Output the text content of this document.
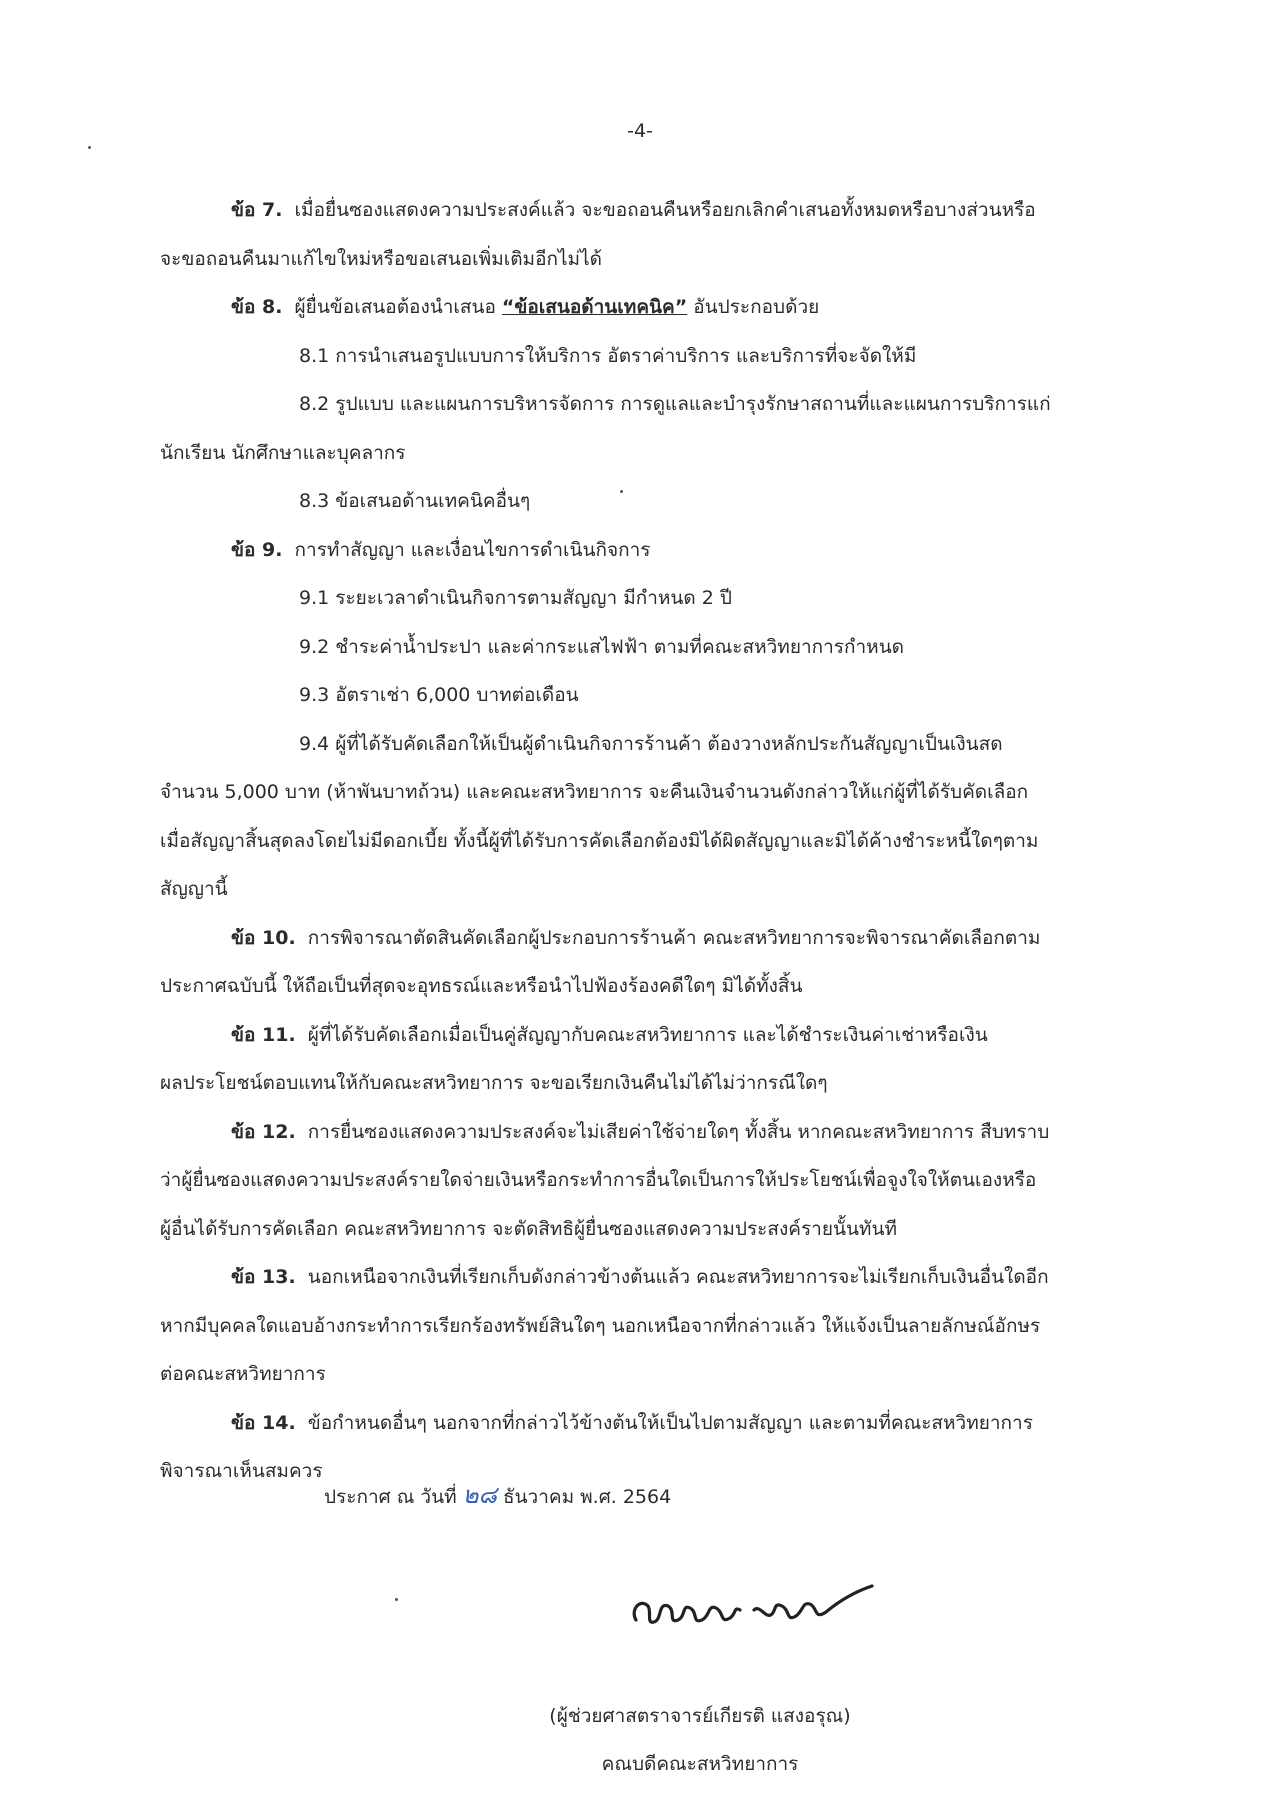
-4-

ข้อ 7. เมื่อยื่นซองแสดงความประสงค์แล้ว จะขอถอนคืนหรือยกเลิกคำเสนอทั้งหมดหรือบางส่วนหรือ

จะขอถอนคืนมาแก้ไขใหม่หรือขอเสนอเพิ่มเติมอีกไม่ได้

ข้อ 8. ผู้ยื่นข้อเสนอต้องนำเสนอ “ข้อเสนอด้านเทคนิค” อันประกอบด้วย

8.1 การนำเสนอรูปแบบการให้บริการ อัตราค่าบริการ และบริการที่จะจัดให้มี

8.2 รูปแบบ และแผนการบริหารจัดการ การดูแลและบำรุงรักษาสถานที่และแผนการบริการแก่

นักเรียน นักศึกษาและบุคลากร

8.3 ข้อเสนอด้านเทคนิคอื่นๆ

ข้อ 9. การทำสัญญา และเงื่อนไขการดำเนินกิจการ

9.1 ระยะเวลาดำเนินกิจการตามสัญญา มีกำหนด 2 ปี

9.2 ชำระค่าน้ำประปา และค่ากระแสไฟฟ้า ตามที่คณะสหวิทยาการกำหนด

9.3 อัตราเช่า 6,000 บาทต่อเดือน

9.4 ผู้ที่ได้รับคัดเลือกให้เป็นผู้ดำเนินกิจการร้านค้า ต้องวางหลักประกันสัญญาเป็นเงินสด

จำนวน 5,000 บาท (ห้าพันบาทถ้วน) และคณะสหวิทยาการ จะคืนเงินจำนวนดังกล่าวให้แก่ผู้ที่ได้รับคัดเลือก

เมื่อสัญญาสิ้นสุดลงโดยไม่มีดอกเบี้ย ทั้งนี้ผู้ที่ได้รับการคัดเลือกต้องมิได้ผิดสัญญาและมิได้ค้างชำระหนี้ใดๆตาม

สัญญานี้

ข้อ 10. การพิจารณาตัดสินคัดเลือกผู้ประกอบการร้านค้า คณะสหวิทยาการจะพิจารณาคัดเลือกตาม

ประกาศฉบับนี้ ให้ถือเป็นที่สุดจะอุทธรณ์และหรือนำไปฟ้องร้องคดีใดๆ มิได้ทั้งสิ้น

ข้อ 11. ผู้ที่ได้รับคัดเลือกเมื่อเป็นคู่สัญญากับคณะสหวิทยาการ และได้ชำระเงินค่าเช่าหรือเงิน

ผลประโยชน์ตอบแทนให้กับคณะสหวิทยาการ จะขอเรียกเงินคืนไม่ได้ไม่ว่ากรณีใดๆ

ข้อ 12. การยื่นซองแสดงความประสงค์จะไม่เสียค่าใช้จ่ายใดๆ ทั้งสิ้น หากคณะสหวิทยาการ สืบทราบ

ว่าผู้ยื่นซองแสดงความประสงค์รายใดจ่ายเงินหรือกระทำการอื่นใดเป็นการให้ประโยชน์เพื่อจูงใจให้ตนเองหรือ

ผู้อื่นได้รับการคัดเลือก คณะสหวิทยาการ จะตัดสิทธิผู้ยื่นซองแสดงความประสงค์รายนั้นทันที

ข้อ 13. นอกเหนือจากเงินที่เรียกเก็บดังกล่าวข้างต้นแล้ว คณะสหวิทยาการจะไม่เรียกเก็บเงินอื่นใดอีก

หากมีบุคคลใดแอบอ้างกระทำการเรียกร้องทรัพย์สินใดๆ นอกเหนือจากที่กล่าวแล้ว ให้แจ้งเป็นลายลักษณ์อักษร

ต่อคณะสหวิทยาการ

ข้อ 14. ข้อกำหนดอื่นๆ นอกจากที่กล่าวไว้ข้างต้นให้เป็นไปตามสัญญา และตามที่คณะสหวิทยาการ

พิจารณาเห็นสมควร

ประกาศ ณ วันที่ ๒๘ ธันวาคม พ.ศ. 2564
(ผู้ช่วยศาสตราจารย์เกียรติ แสงอรุณ)
คณบดีคณะสหวิทยาการ
